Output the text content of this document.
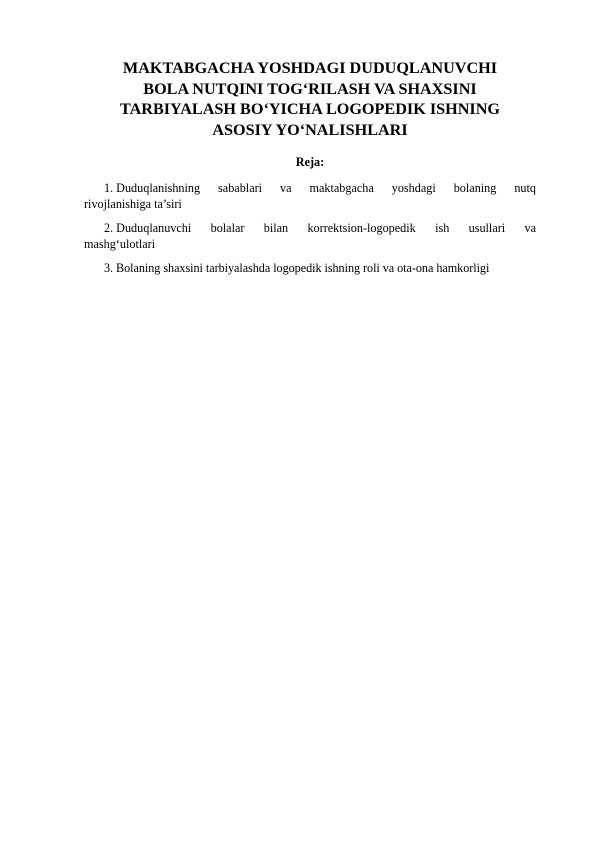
MAKTABGACHA YOSHDAGI DUDUQLANUVCHI
BOLA NUTQINI TOG‘RILASH VA SHAXSINI
TARBIYALASH BO‘YICHA LOGOPEDIK ISHNING
ASOSIY YO‘NALISHLARI

Reja:

1. Duduqlanishning sabablari va maktabgacha yoshdagi bolaning nutq
rivojlanishiga ta’siri

2. Duduqlanuvchi bolalar bilan korrektsion-logopedik ish usullari va
mashg‘ulotlari

3. Bolaning shaxsini tarbiyalashda logopedik ishning roli va ota-ona hamkorligi
